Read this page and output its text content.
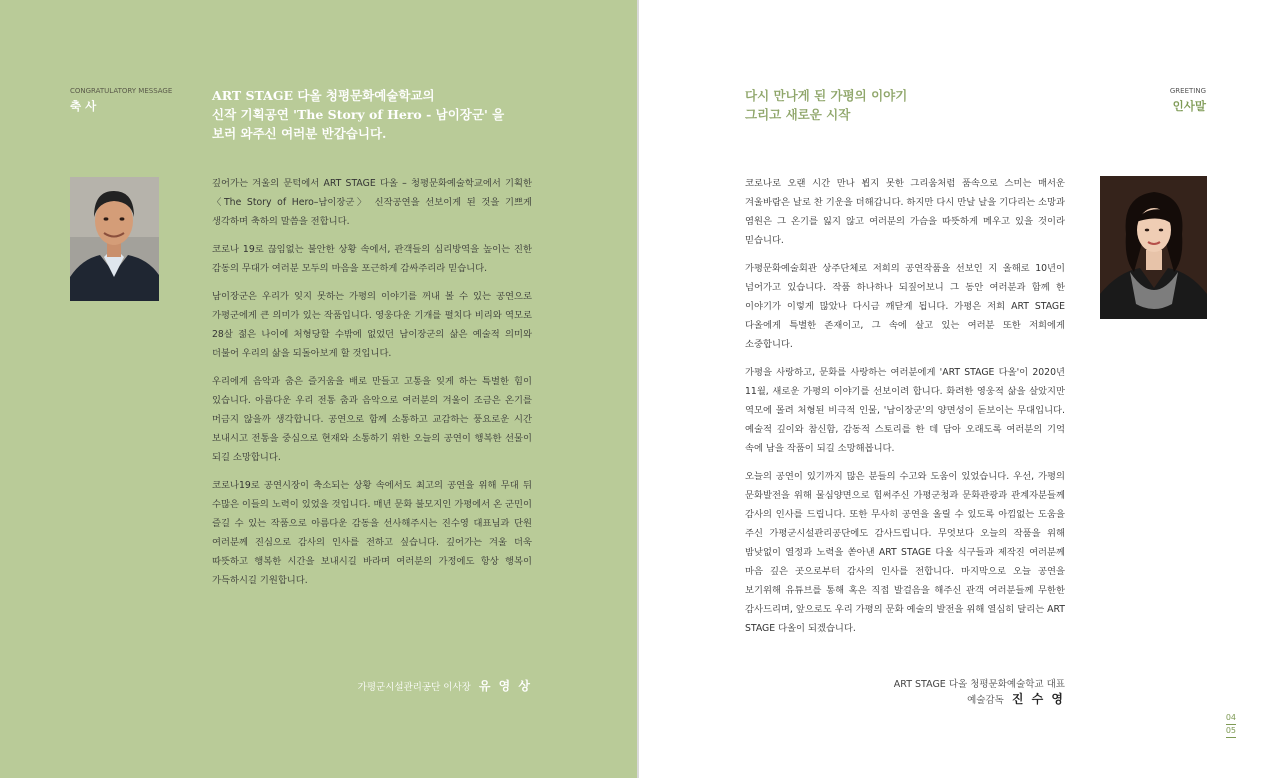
CONGRATULATORY MESSAGE
축 사
ART STAGE 다올 청평문화예술학교의
신작 기획공연 'The Story of Hero - 남이장군' 을
보러 와주신 여러분 반갑습니다.

깊어가는 겨울의 문턱에서 ART STAGE 다올 – 청평문화예술학교에서 기획한 〈The Story of Hero–남이장군〉 신작공연을 선보이게 된 것을 기쁘게 생각하며 축하의 말씀을 전합니다.

코로나 19로 끊임없는 불안한 상황 속에서, 관객들의 심리방역을 높이는 진한 감동의 무대가 여러분 모두의 마음을 포근하게 감싸주리라 믿습니다.

남이장군은 우리가 잊지 못하는 가평의 이야기를 꺼내 볼 수 있는 공연으로 가평군에게 큰 의미가 있는 작품입니다. 영웅다운 기개를 펼치다 비리와 역모로 28살 젊은 나이에 처형당할 수밖에 없었던 남이장군의 삶은 예술적 의미와 더불어 우리의 삶을 되돌아보게 할 것입니다.

우리에게 음악과 춤은 즐거움을 배로 만들고 고통을 잊게 하는 특별한 힘이 있습니다. 아름다운 우리 전통 춤과 음악으로 여러분의 겨울이 조금은 온기를 머금지 않을까 생각합니다. 공연으로 함께 소통하고 교감하는 풍요로운 시간 보내시고 전통을 중심으로 현재와 소통하기 위한 오늘의 공연이 행복한 선물이 되길 소망합니다.

코로나19로 공연시장이 축소되는 상황 속에서도 최고의 공연을 위해 무대 뒤 수많은 이들의 노력이 있었을 것입니다. 매년 문화 불모지인 가평에서 온 군민이 즐길 수 있는 작품으로 아름다운 감동을 선사해주시는 진수영 대표님과 단원 여러분께 진심으로 감사의 인사를 전하고 싶습니다. 깊어가는 겨울 더욱 따뜻하고 행복한 시간을 보내시길 바라며 여러분의 가정에도 항상 행복이 가득하시길 기원합니다.

가평군시설관리공단 이사장 유 영 상
다시 만나게 된 가평의 이야기
그리고 새로운 시작
GREETING
인사말

코로나로 오랜 시간 만나 뵙지 못한 그리움처럼 품속으로 스미는 매서운 겨울바람은 날로 찬 기운을 더해갑니다. 하지만 다시 만날 날을 기다리는 소망과 염원은 그 온기를 잃지 않고 여러분의 가슴을 따뜻하게 메우고 있을 것이라 믿습니다.

가평문화예술회관 상주단체로 저희의 공연작품을 선보인 지 올해로 10년이 넘어가고 있습니다. 작품 하나하나 되짚어보니 그 동안 여러분과 함께 한 이야기가 이렇게 많았나 다시금 깨닫게 됩니다. 가평은 저희 ART STAGE 다올에게 특별한 존재이고, 그 속에 살고 있는 여러분 또한 저희에게 소중합니다.

가평을 사랑하고, 문화를 사랑하는 여러분에게 'ART STAGE 다올'이 2020년 11월, 새로운 가평의 이야기를 선보이려 합니다. 화려한 영웅적 삶을 살았지만 역모에 몰려 처형된 비극적 인물, '남이장군'의 양면성이 돋보이는 무대입니다. 예술적 깊이와 참신함, 감동적 스토리를 한 데 담아 오래도록 여러분의 기억 속에 남을 작품이 되길 소망해봅니다.

오늘의 공연이 있기까지 많은 분들의 수고와 도움이 있었습니다. 우선, 가평의 문화발전을 위해 물심양면으로 힘써주신 가평군청과 문화관광과 관계자분들께 감사의 인사를 드립니다. 또한 무사히 공연을 올릴 수 있도록 아낌없는 도움을 주신 가평군시설관리공단에도 감사드립니다. 무엇보다 오늘의 작품을 위해 밤낮없이 열정과 노력을 쏟아낸 ART STAGE 다올 식구들과 제작진 여러분께 마음 깊은 곳으로부터 감사의 인사를 전합니다. 마지막으로 오늘 공연을 보기위해 유튜브를 통해 혹은 직접 발걸음을 해주신 관객 여러분들께 무한한 감사드리며, 앞으로도 우리 가평의 문화 예술의 발전을 위해 열심히 달리는 ART STAGE 다올이 되겠습니다.

ART STAGE 다올 청평문화예술학교 대표
예술감독 진 수 영
04
05
